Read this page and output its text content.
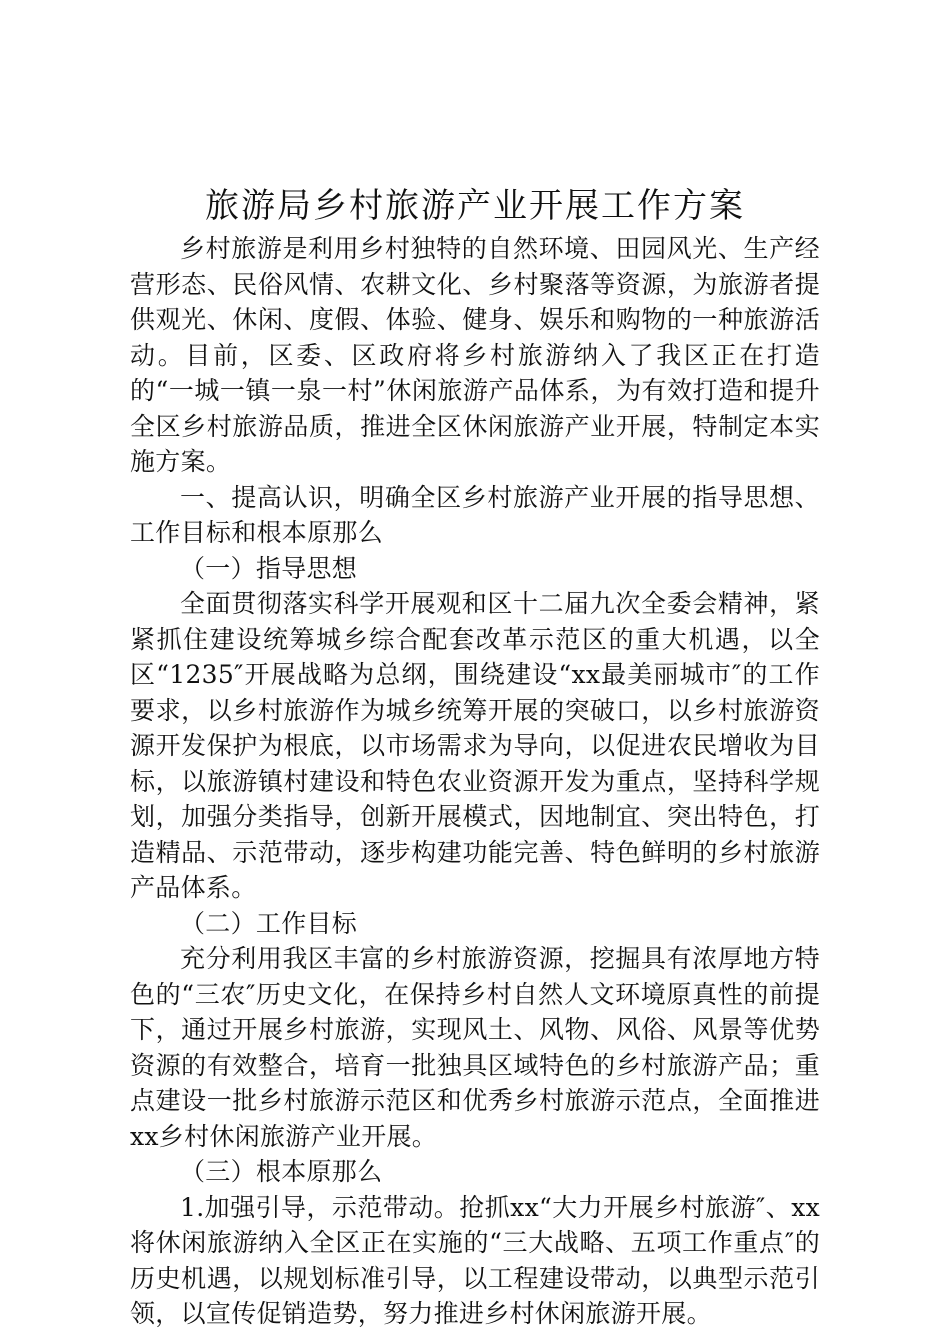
旅游局乡村旅游产业开展工作方案

乡村旅游是利用乡村独特的自然环境、田园风光、生产经营形态、民俗风情、农耕文化、乡村聚落等资源，为旅游者提供观光、休闲、度假、体验、健身、娱乐和购物的一种旅游活动。目前，区委、区政府将乡村旅游纳入了我区正在打造的“一城一镇一泉一村”休闲旅游产品体系，为有效打造和提升全区乡村旅游品质，推进全区休闲旅游产业开展，特制定本实施方案。

一、提高认识，明确全区乡村旅游产业开展的指导思想、工作目标和根本原那么

（一）指导思想

全面贯彻落实科学开展观和区十二届九次全委会精神，紧紧抓住建设统筹城乡综合配套改革示范区的重大机遇，以全区“1235″开展战略为总纲，围绕建设“xx最美丽城市″的工作要求，以乡村旅游作为城乡统筹开展的突破口，以乡村旅游资源开发保护为根底，以市场需求为导向，以促进农民增收为目标，以旅游镇村建设和特色农业资源开发为重点，坚持科学规划，加强分类指导，创新开展模式，因地制宜、突出特色，打造精品、示范带动，逐步构建功能完善、特色鲜明的乡村旅游产品体系。

（二）工作目标

充分利用我区丰富的乡村旅游资源，挖掘具有浓厚地方特色的“三农″历史文化，在保持乡村自然人文环境原真性的前提下，通过开展乡村旅游，实现风土、风物、风俗、风景等优势资源的有效整合，培育一批独具区域特色的乡村旅游产品；重点建设一批乡村旅游示范区和优秀乡村旅游示范点，全面推进xx乡村休闲旅游产业开展。

（三）根本原那么

1.加强引导，示范带动。抢抓xx“大力开展乡村旅游″、xx将休闲旅游纳入全区正在实施的“三大战略、五项工作重点″的历史机遇，以规划标准引导，以工程建设带动，以典型示范引领，以宣传促销造势，努力推进乡村休闲旅游开展。
